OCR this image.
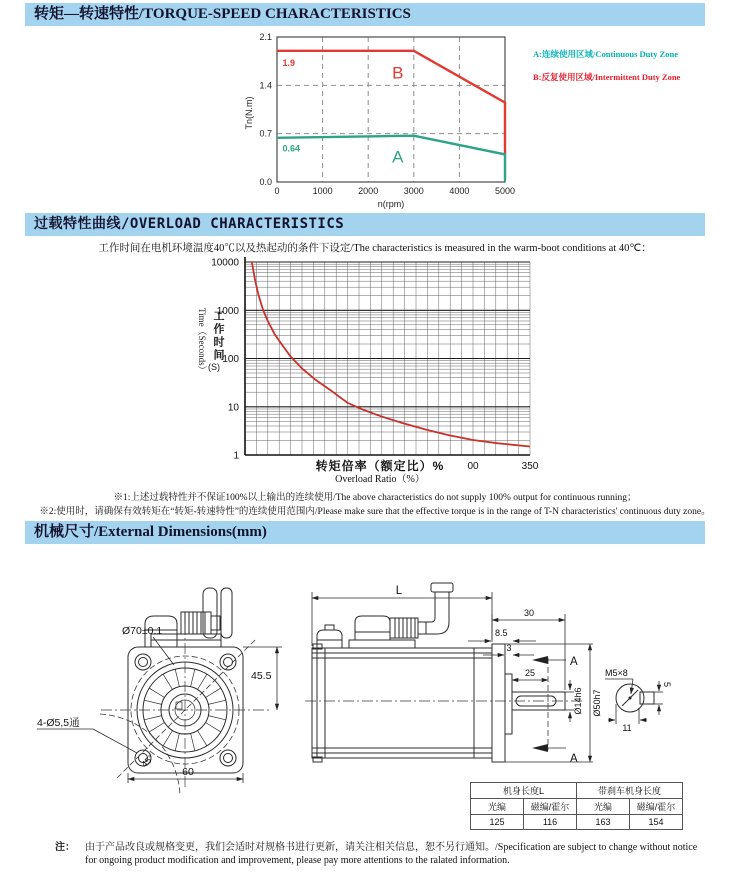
转矩—转速特性/TORQUE-SPEED CHARACTERISTICS
0	1000	2000	3000	4000	5000
0.0
0.7
1.4
2.1
n(rpm)
Tn(N.m)
1.9
B
0.64	A
A:连续使用区域/Continuous Duty Zone
B:反复使用区域/Intermittent Duty Zone
过载特性曲线/OVERLOAD CHARACTERISTICS
工作时间在电机环境温度40℃以及热起动的条件下设定/The characteristics is measured in the warm-boot conditions at 40℃：
10000
1000
100
10
1
00	350
转矩倍率（额定比）%
Overload Ratio（%）
Time（Seconds） 工作时间
(S)
※1:上述过载特性并不保证100%以上输出的连续使用/The above characteristics do not supply 100% output for continuous running；
※2:使用时，请确保有效转矩在“转矩-转速特性”的连续使用范围内/Please make sure that the effective torque is in the range of T-N characteristics' continuous duty zone。
机械尺寸/External Dimensions(mm)
Ø70±0.1
45.5
4-Ø5,5通
60
45°
L
30
8.5
3
25
A
A
Ø14h6 Ø50h7
M5×8
5
11
机身长度L		带刹车机身长度	
光编	磁编/霍尔	光编	磁编/霍尔
125	116	163	154
注：	由于产品改良或规格变更，我们会适时对规格书进行更新，请关注相关信息，恕不另行通知。/Specification are subject to change without notice
for ongoing product modification and improvement, please pay more attentions to the ralated information.
